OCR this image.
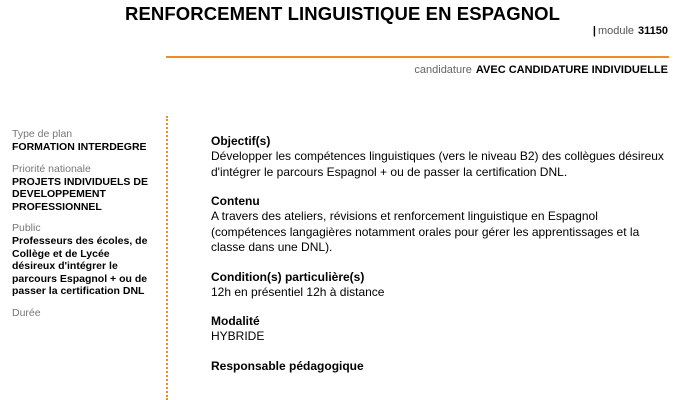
RENFORCEMENT LINGUISTIQUE EN ESPAGNOL
| module 31150
candidature AVEC CANDIDATURE INDIVIDUELLE
Type de plan
FORMATION INTERDEGRE
Priorité nationale
PROJETS INDIVIDUELS DE DEVELOPPEMENT PROFESSIONNEL
Public
Professeurs des écoles, de Collège et de Lycée désireux d'intégrer le parcours Espagnol + ou de passer la certification DNL
Durée
Objectif(s)
Développer les compétences linguistiques (vers le niveau B2) des collègues désireux d'intégrer le parcours Espagnol + ou de passer la certification DNL.
Contenu
A travers des ateliers, révisions et renforcement linguistique en Espagnol (compétences langagières notamment orales pour gérer les apprentissages et la classe dans une DNL).
Condition(s) particulière(s)
12h en présentiel 12h à distance
Modalité
HYBRIDE
Responsable pédagogique
